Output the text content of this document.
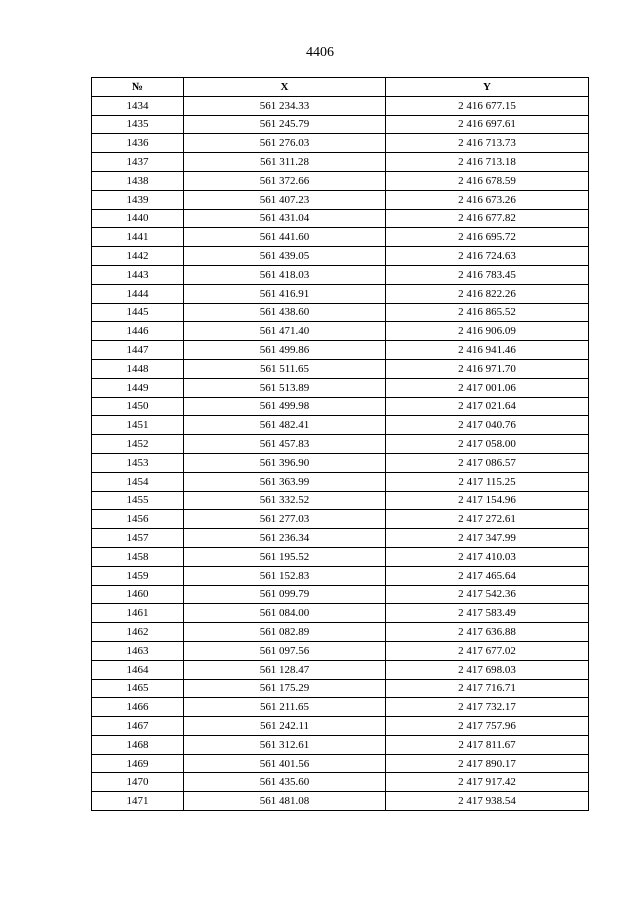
4406
№	X	Y
1434	561 234.33	2 416 677.15
1435	561 245.79	2 416 697.61
1436	561 276.03	2 416 713.73
1437	561 311.28	2 416 713.18
1438	561 372.66	2 416 678.59
1439	561 407.23	2 416 673.26
1440	561 431.04	2 416 677.82
1441	561 441.60	2 416 695.72
1442	561 439.05	2 416 724.63
1443	561 418.03	2 416 783.45
1444	561 416.91	2 416 822.26
1445	561 438.60	2 416 865.52
1446	561 471.40	2 416 906.09
1447	561 499.86	2 416 941.46
1448	561 511.65	2 416 971.70
1449	561 513.89	2 417 001.06
1450	561 499.98	2 417 021.64
1451	561 482.41	2 417 040.76
1452	561 457.83	2 417 058.00
1453	561 396.90	2 417 086.57
1454	561 363.99	2 417 115.25
1455	561 332.52	2 417 154.96
1456	561 277.03	2 417 272.61
1457	561 236.34	2 417 347.99
1458	561 195.52	2 417 410.03
1459	561 152.83	2 417 465.64
1460	561 099.79	2 417 542.36
1461	561 084.00	2 417 583.49
1462	561 082.89	2 417 636.88
1463	561 097.56	2 417 677.02
1464	561 128.47	2 417 698.03
1465	561 175.29	2 417 716.71
1466	561 211.65	2 417 732.17
1467	561 242.11	2 417 757.96
1468	561 312.61	2 417 811.67
1469	561 401.56	2 417 890.17
1470	561 435.60	2 417 917.42
1471	561 481.08	2 417 938.54
